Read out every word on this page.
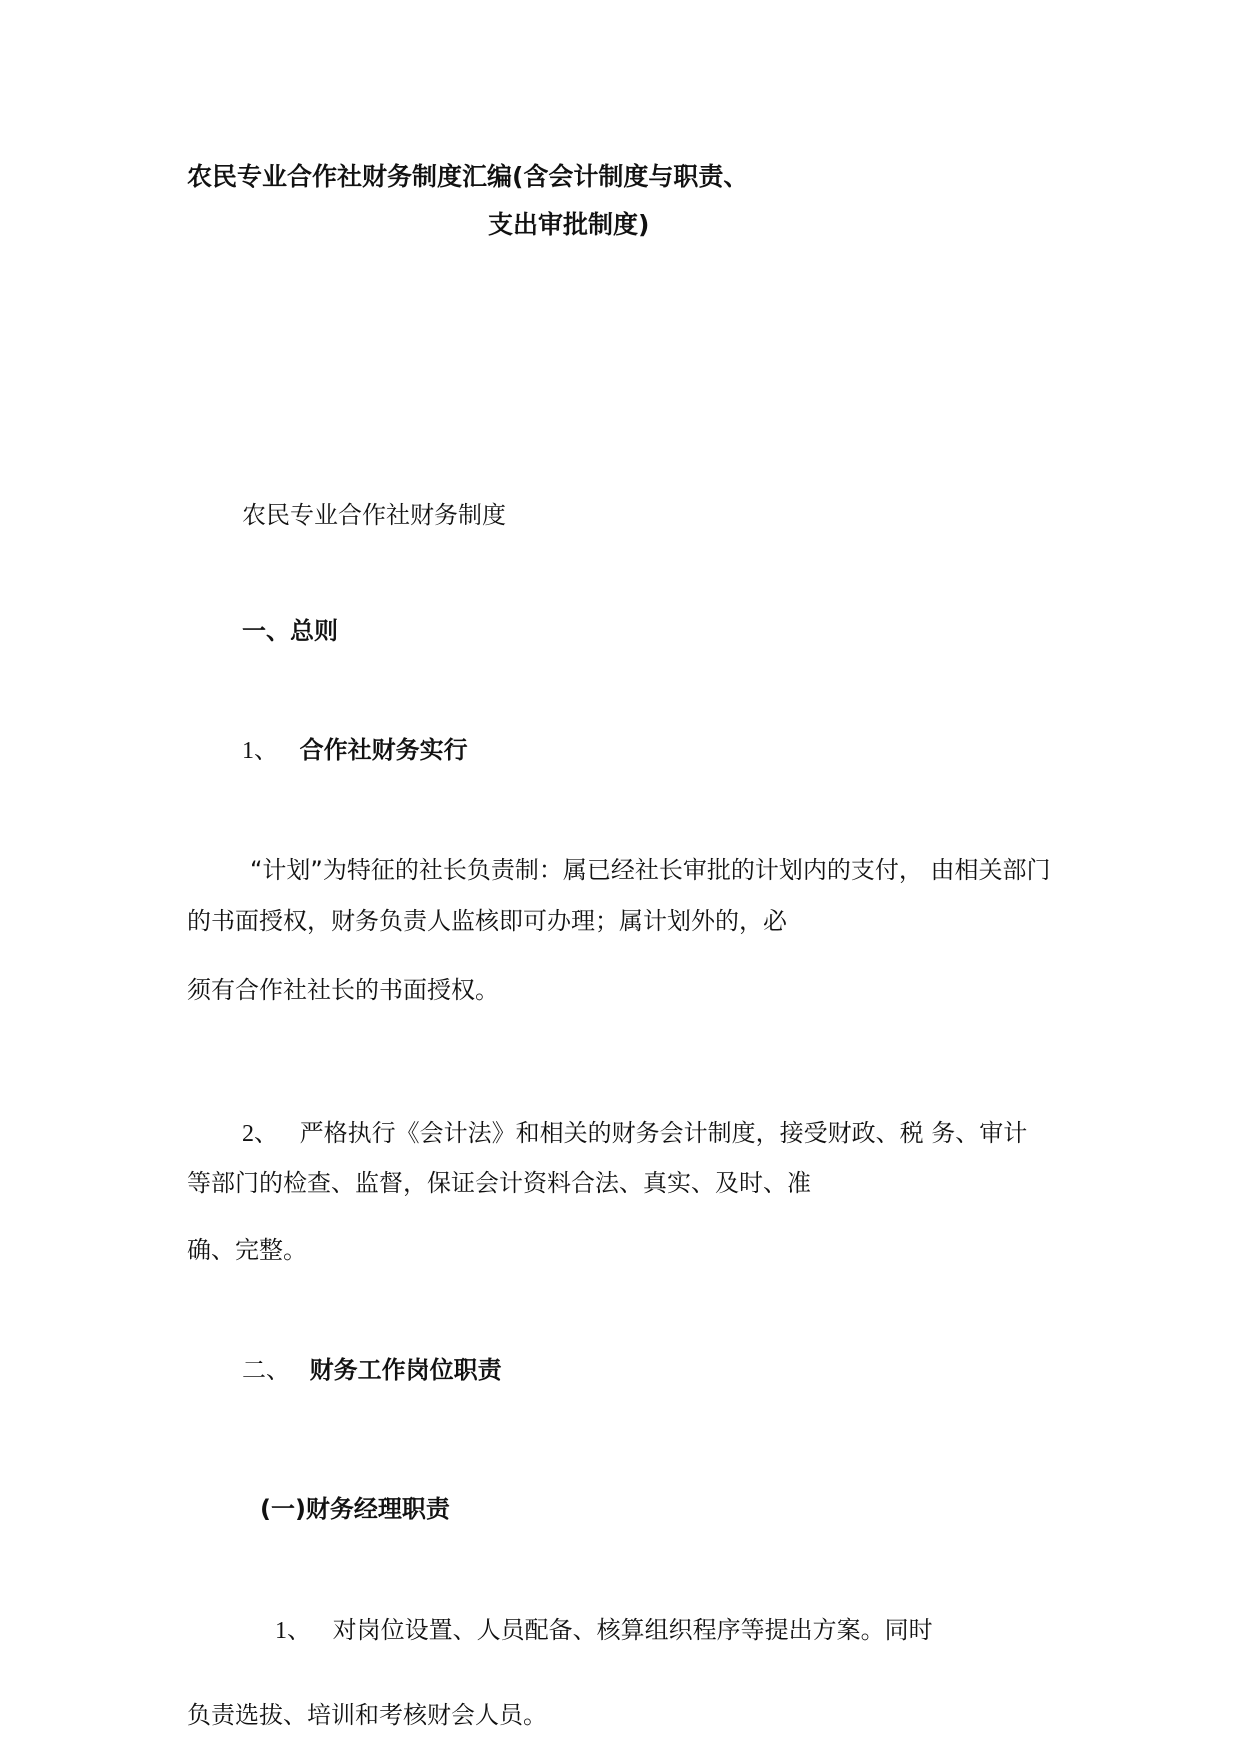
农民专业合作社财务制度汇编(含会计制度与职责、
支出审批制度)
农民专业合作社财务制度
一、总则
1、 合作社财务实行
“计划”为特征的社长负责制：属已经社长审批的计划内的支付， 由相关部门
的书面授权，财务负责人监核即可办理；属计划外的，必
须有合作社社长的书面授权。
2、 严格执行《会计法》和相关的财务会计制度，接受财政、税 务、审计
等部门的检查、监督，保证会计资料合法、真实、及时、准
确、完整。
二、 财务工作岗位职责
(一)财务经理职责
1、 对岗位设置、人员配备、核算组织程序等提出方案。同时
负责选拔、培训和考核财会人员。
